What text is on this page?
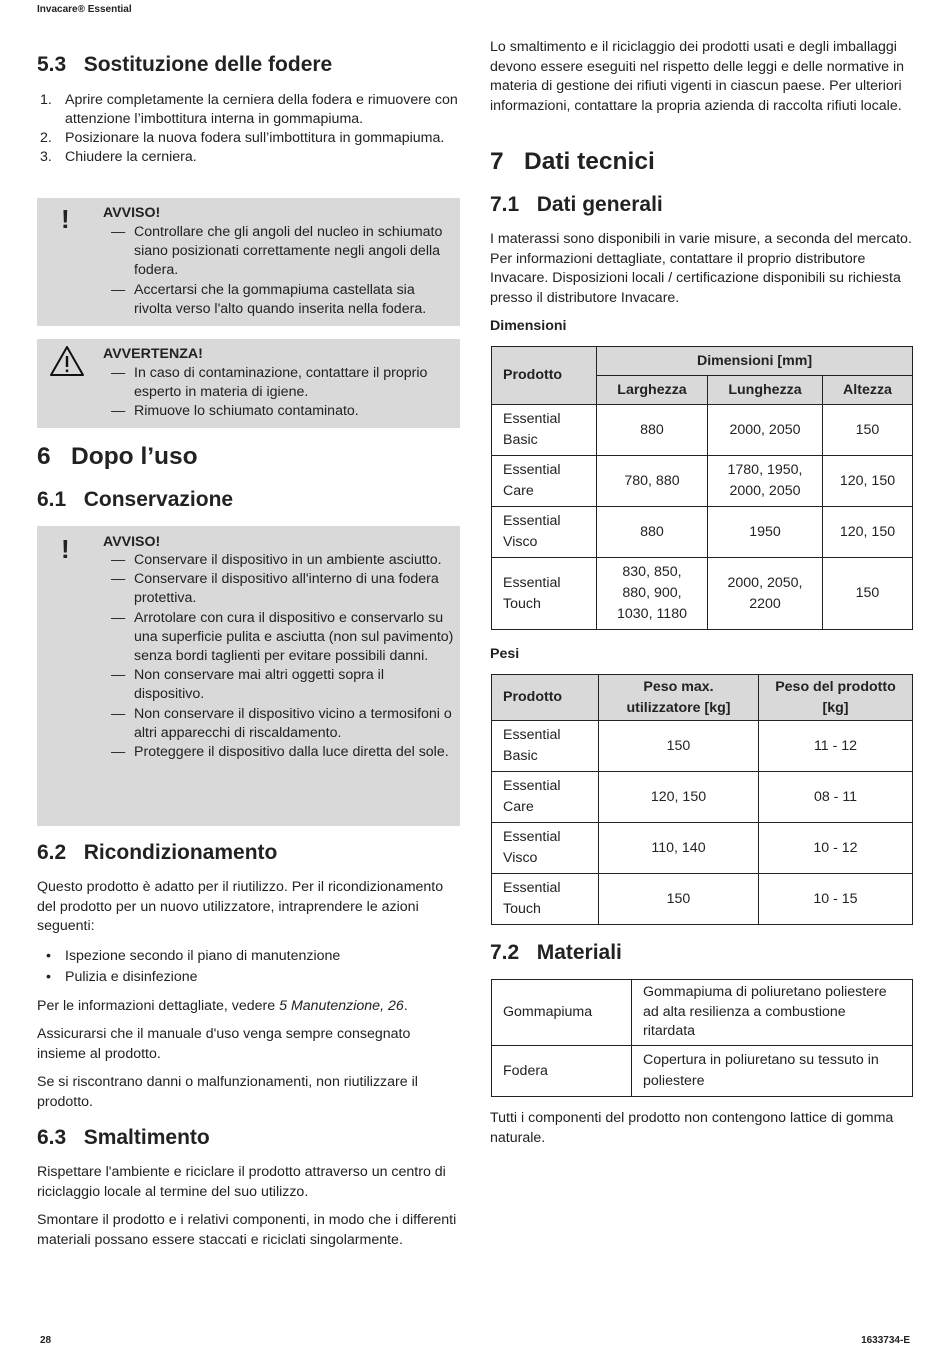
Invacare® Essential
5.3   Sostituzione delle fodere
1. Aprire completamente la cerniera della fodera e rimuovere con attenzione l’imbottitura interna in gommapiuma.
2. Posizionare la nuova fodera sull’imbottitura in gommapiuma.
3. Chiudere la cerniera.
! AVVISO!
— Controllare che gli angoli del nucleo in schiumato siano posizionati correttamente negli angoli della fodera.
— Accertarsi che la gommapiuma castellata sia rivolta verso l'alto quando inserita nella fodera.
AVVERTENZA!
— In caso di contaminazione, contattare il proprio esperto in materia di igiene.
— Rimuove lo schiumato contaminato.
6   Dopo l’uso
6.1   Conservazione
! AVVISO!
— Conservare il dispositivo in un ambiente asciutto.
— Conservare il dispositivo all'interno di una fodera protettiva.
— Arrotolare con cura il dispositivo e conservarlo su una superficie pulita e asciutta (non sul pavimento) senza bordi taglienti per evitare possibili danni.
— Non conservare mai altri oggetti sopra il dispositivo.
— Non conservare il dispositivo vicino a termosifoni o altri apparecchi di riscaldamento.
— Proteggere il dispositivo dalla luce diretta del sole.
6.2   Ricondizionamento

Questo prodotto è adatto per il riutilizzo. Per il ricondizionamento del prodotto per un nuovo utilizzatore, intraprendere le azioni seguenti:

• Ispezione secondo il piano di manutenzione
• Pulizia e disinfezione

Per le informazioni dettagliate, vedere 5 Manutenzione, 26.

Assicurarsi che il manuale d'uso venga sempre consegnato insieme al prodotto.

Se si riscontrano danni o malfunzionamenti, non riutilizzare il prodotto.

6.3   Smaltimento

Rispettare l'ambiente e riciclare il prodotto attraverso un centro di riciclaggio locale al termine del suo utilizzo.

Smontare il prodotto e i relativi componenti, in modo che i differenti materiali possano essere staccati e riciclati singolarmente.

Lo smaltimento e il riciclaggio dei prodotti usati e degli imballaggi devono essere eseguiti nel rispetto delle leggi e delle normative in materia di gestione dei rifiuti vigenti in ciascun paese. Per ulteriori informazioni, contattare la propria azienda di raccolta rifiuti locale.

7   Dati tecnici
7.1   Dati generali

I materassi sono disponibili in varie misure, a seconda del mercato. Per informazioni dettagliate, contattare il proprio distributore Invacare. Disposizioni locali / certificazione disponibili su richiesta presso il distributore Invacare.

Dimensioni

Prodotto	Dimensioni [mm]		
	Larghezza	Lunghezza	Altezza
Essential Basic	880	2000, 2050	150
Essential Care	780, 880	1780, 1950, 2000, 2050	120, 150
Essential Visco	880	1950	120, 150
Essential Touch	830, 850, 880, 900, 1030, 1180	2000, 2050, 2200	150

Pesi

Prodotto	Peso max. utilizzatore [kg]	Peso del prodotto [kg]
Essential Basic	150	11 - 12
Essential Care	120, 150	08 - 11
Essential Visco	110, 140	10 - 12
Essential Touch	150	10 - 15
7.2   Materiali
Gommapiuma	Gommapiuma di poliuretano poliestere ad alta resilienza a combustione ritardata
Fodera	Copertura in poliuretano su tessuto in poliestere

Tutti i componenti del prodotto non contengono lattice di gomma naturale.

28	1633734-E
